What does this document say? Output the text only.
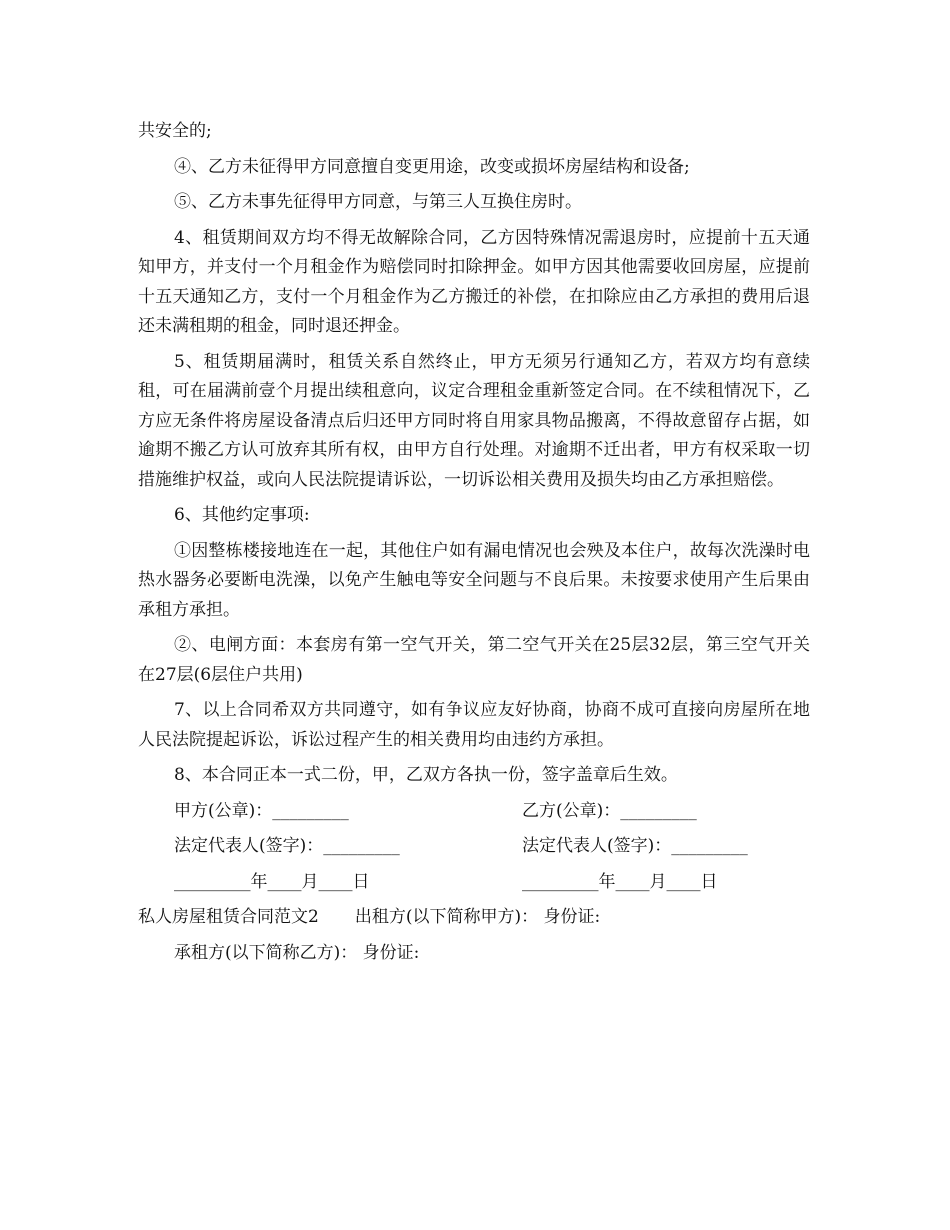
共安全的;

④、乙方未征得甲方同意擅自变更用途，改变或损坏房屋结构和设备;

⑤、乙方未事先征得甲方同意，与第三人互换住房时。

4、租赁期间双方均不得无故解除合同，乙方因特殊情况需退房时，应提前十五天通知甲方，并支付一个月租金作为赔偿同时扣除押金。如甲方因其他需要收回房屋，应提前十五天通知乙方，支付一个月租金作为乙方搬迁的补偿，在扣除应由乙方承担的费用后退还未满租期的租金，同时退还押金。

5、租赁期届满时，租赁关系自然终止，甲方无须另行通知乙方，若双方均有意续租，可在届满前壹个月提出续租意向，议定合理租金重新签定合同。在不续租情况下，乙方应无条件将房屋设备清点后归还甲方同时将自用家具物品搬离，不得故意留存占据，如逾期不搬乙方认可放弃其所有权，由甲方自行处理。对逾期不迁出者，甲方有权采取一切措施维护权益，或向人民法院提请诉讼，一切诉讼相关费用及损失均由乙方承担赔偿。

6、其他约定事项:

①因整栋楼接地连在一起，其他住户如有漏电情况也会殃及本住户，故每次洗澡时电热水器务必要断电洗澡，以免产生触电等安全问题与不良后果。未按要求使用产生后果由承租方承担。

②、电闸方面：本套房有第一空气开关，第二空气开关在25层32层，第三空气开关在27层(6层住户共用)

7、以上合同希双方共同遵守，如有争议应友好协商，协商不成可直接向房屋所在地人民法院提起诉讼，诉讼过程产生的相关费用均由违约方承担。

8、本合同正本一式二份，甲，乙双方各执一份，签字盖章后生效。

甲方(公章)：_________	乙方(公章)：_________
法定代表人(签字)：_________	法定代表人(签字)：_________
_________年____月____日	_________年____月____日
私人房屋租赁合同范文2 出租方(以下简称甲方)： 身份证:

承租方(以下简称乙方)： 身份证:
